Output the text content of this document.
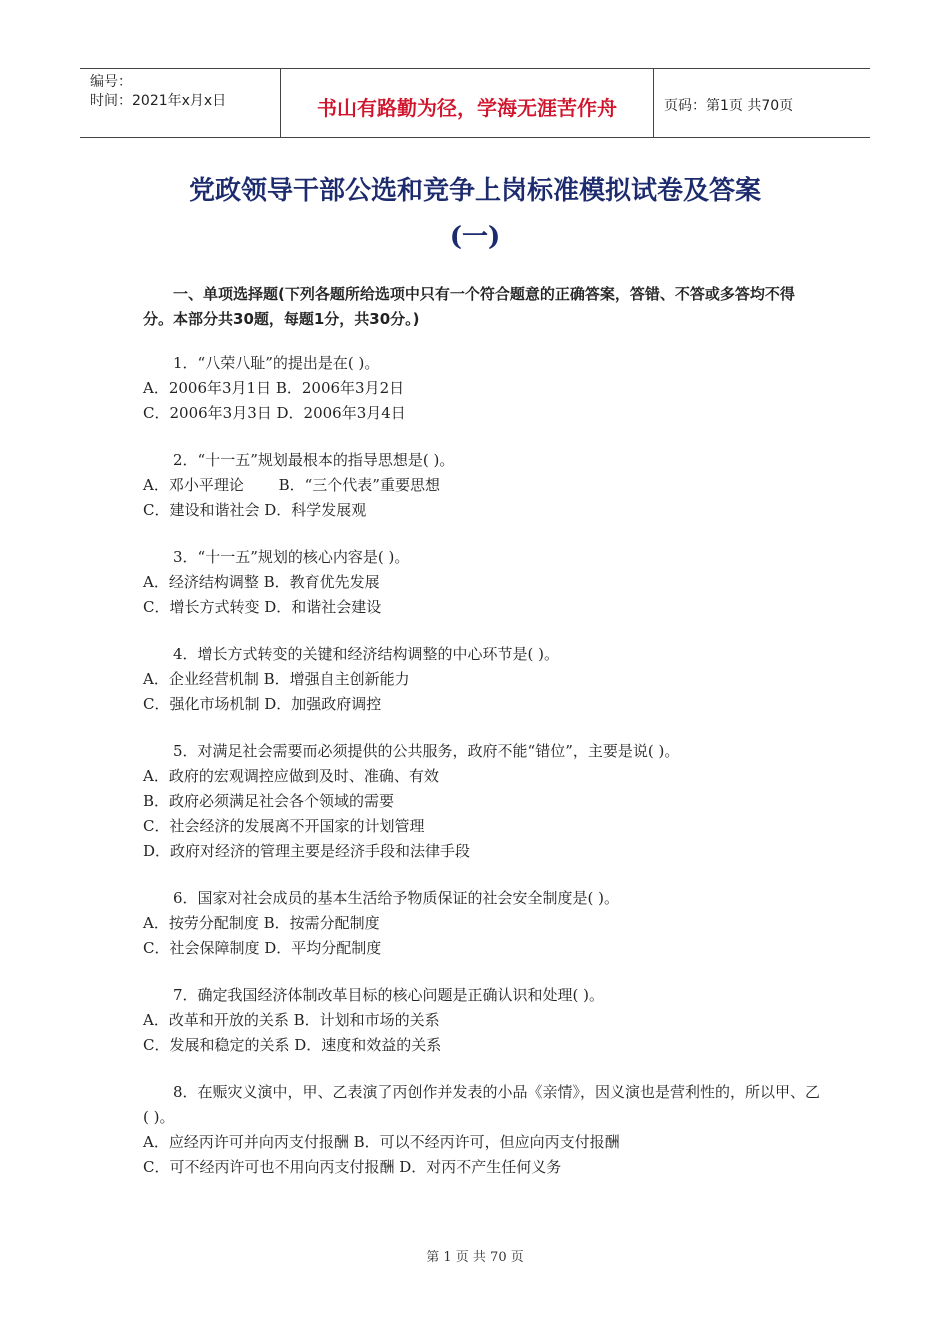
编号：
时间：2021年x月x日	书山有路勤为径，学海无涯苦作舟	页码：第1页 共70页
党政领导干部公选和竞争上岗标准模拟试卷及答案
(一)
一、单项选择题(下列各题所给选项中只有一个符合题意的正确答案，答错、不答或多答均不得分。本部分共30题，每题1分，共30分。)
1．“八荣八耻”的提出是在( )。
A．2006年3月1日 B．2006年3月2日
C．2006年3月3日 D．2006年3月4日
2．“十一五”规划最根本的指导思想是( )。
A．邓小平理论　　 B．“三个代表”重要思想
C．建设和谐社会 D．科学发展观
3．“十一五”规划的核心内容是( )。
A．经济结构调整 B．教育优先发展
C．增长方式转变 D．和谐社会建设
4．增长方式转变的关键和经济结构调整的中心环节是( )。
A．企业经营机制 B．增强自主创新能力
C．强化市场机制 D．加强政府调控
5．对满足社会需要而必须提供的公共服务，政府不能“错位”，主要是说( )。
A．政府的宏观调控应做到及时、准确、有效
B．政府必须满足社会各个领域的需要
C．社会经济的发展离不开国家的计划管理
D．政府对经济的管理主要是经济手段和法律手段
6．国家对社会成员的基本生活给予物质保证的社会安全制度是( )。
A．按劳分配制度 B．按需分配制度
C．社会保障制度 D．平均分配制度
7．确定我国经济体制改革目标的核心问题是正确认识和处理( )。
A．改革和开放的关系 B．计划和市场的关系
C．发展和稳定的关系 D．速度和效益的关系
8．在赈灾义演中，甲、乙表演了丙创作并发表的小品《亲情》，因义演也是营利性的，所以甲、乙( )。
A．应经丙许可并向丙支付报酬 B．可以不经丙许可，但应向丙支付报酬
C．可不经丙许可也不用向丙支付报酬 D．对丙不产生任何义务
第 1 页 共 70 页
